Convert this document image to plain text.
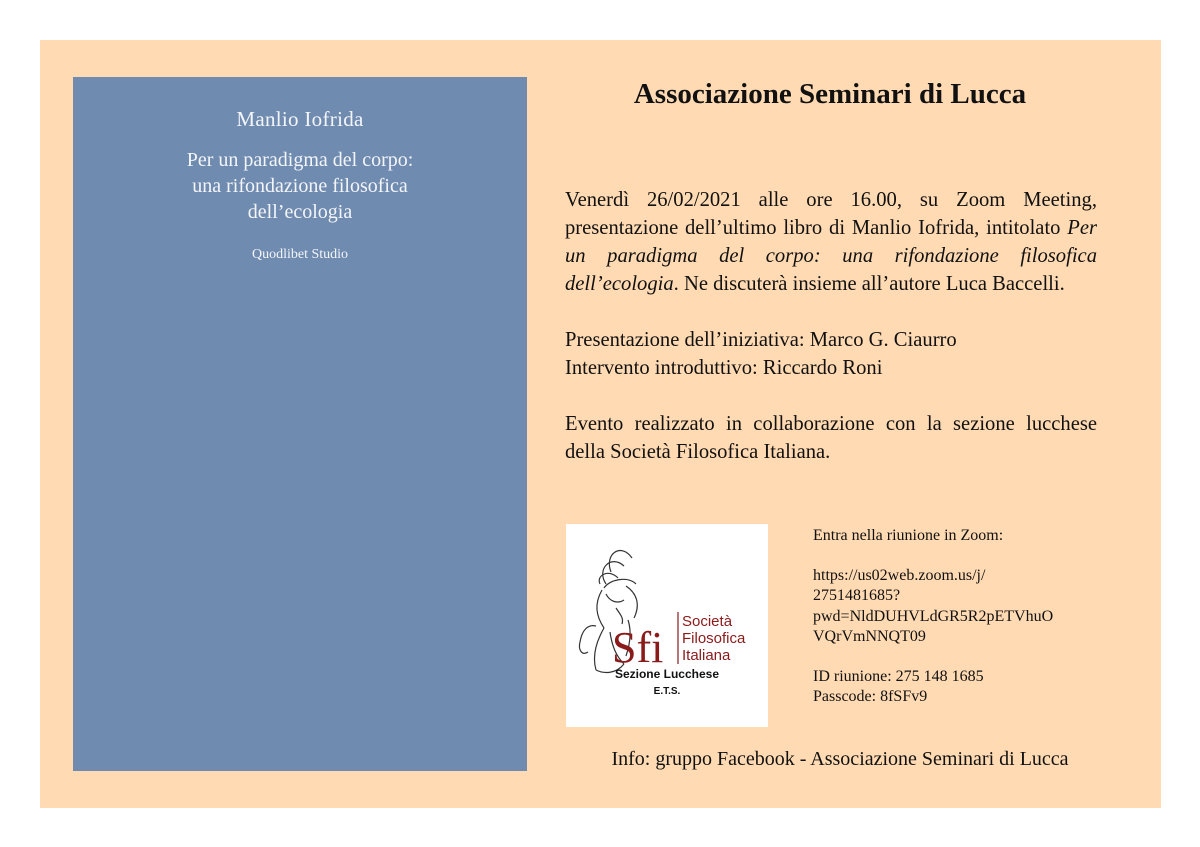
Manlio Iofrida
Per un paradigma del corpo:
una rifondazione filosofica
dell’ecologia
Quodlibet Studio
Associazione Seminari di Lucca

Venerdì 26/02/2021 alle ore 16.00, su Zoom Meeting, presentazione dell’ultimo libro di Manlio Iofrida, intitolato Per un paradigma del corpo: una rifondazione filosofica dell’ecologia. Ne discuterà insieme all’autore Luca Baccelli.

Presentazione dell’iniziativa: Marco G. Ciaurro

Intervento introduttivo: Riccardo Roni

Evento realizzato in collaborazione con la sezione lucchese della Società Filosofica Italiana.

Sfi
Società
Filosofica
Italiana
Sezione Lucchese
E.T.S.
Entra nella riunione in Zoom:
https://us02web.zoom.us/j/
2751481685?
pwd=NldDUHVLdGR5R2pETVhuO
VQrVmNNQT09
ID riunione: 275 148 1685
Passcode: 8fSFv9
Info: gruppo Facebook - Associazione Seminari di Lucca
